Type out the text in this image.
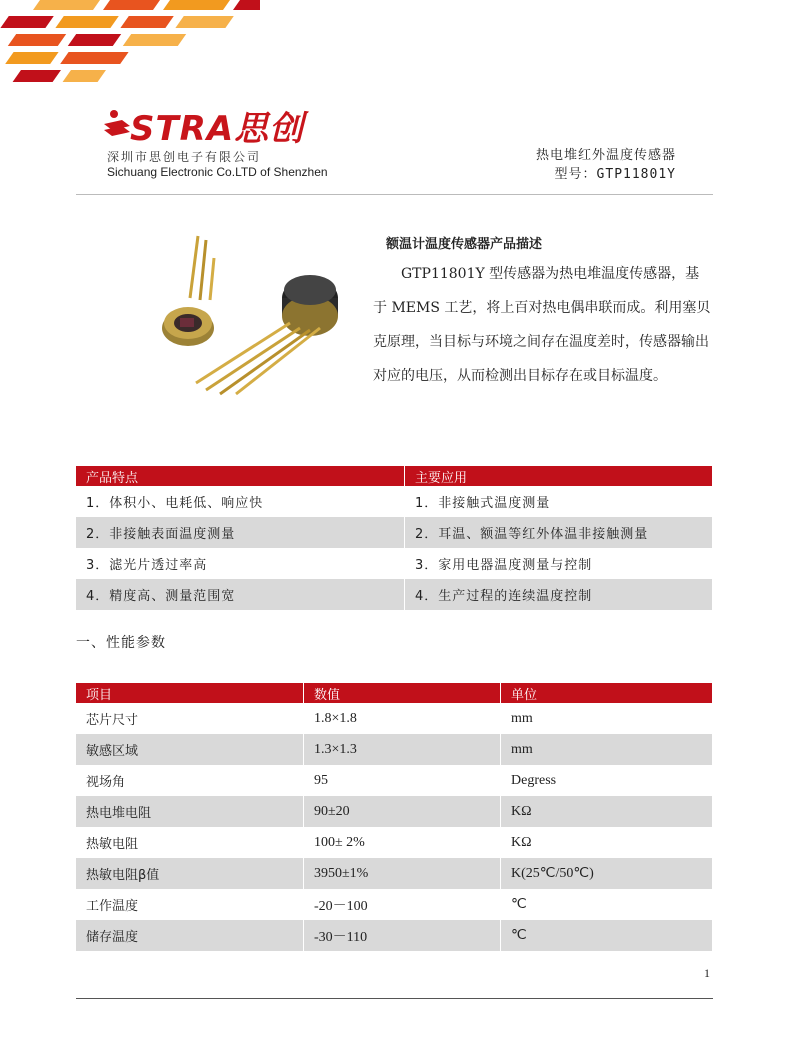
STRA思创
深圳市思创电子有限公司
Sichuang Electronic Co.LTD of Shenzhen
热电堆红外温度传感器
型号：GTP11801Y
额温计温度传感器产品描述
GTP11801Y 型传感器为热电堆温度传感器，基于 MEMS 工艺，将上百对热电偶串联而成。利用塞贝克原理，当目标与环境之间存在温度差时，传感器输出对应的电压，从而检测出目标存在或目标温度。
产品特点	主要应用
1．体积小、电耗低、响应快	1．非接触式温度测量
2．非接触表面温度测量	2．耳温、额温等红外体温非接触测量
3．滤光片透过率高	3．家用电器温度测量与控制
4．精度高、测量范围宽	4．生产过程的连续温度控制
一、性能参数
项目	数值	单位
芯片尺寸	1.8×1.8	mm
敏感区域	1.3×1.3	mm
视场角	95	Degress
热电堆电阻	90±20	KΩ
热敏电阻	100± 2%	KΩ
热敏电阻β值	3950±1%	K(25℃/50℃)
工作温度	-20－100	℃
储存温度	-30－110	℃
1
